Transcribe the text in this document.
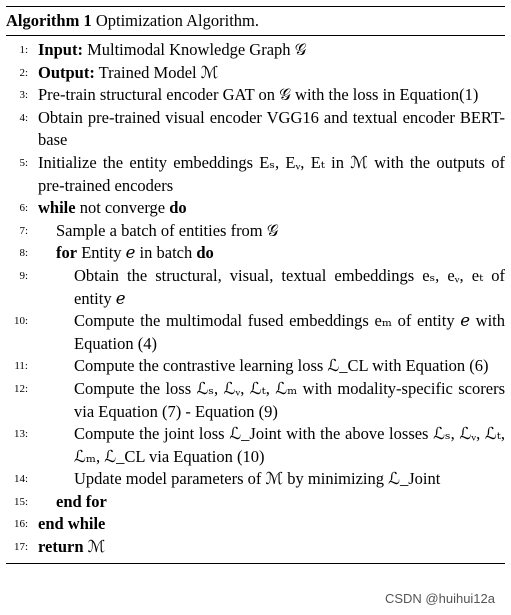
Algorithm 1 Optimization Algorithm.
1: Input: Multimodal Knowledge Graph 𝒢
2: Output: Trained Model ℳ
3: Pre-train structural encoder GAT on 𝒢 with the loss in Equation(1)
4: Obtain pre-trained visual encoder VGG16 and textual encoder BERT-base
5: Initialize the entity embeddings Eₛ, Eᵥ, Eₜ in ℳ with the outputs of pre-trained encoders
6: while not converge do
7: Sample a batch of entities from 𝒢
8: for Entity 𝑒 in batch do
9:	Obtain the structural, visual, textual embeddings eₛ, eᵥ, eₜ of entity 𝑒
10:	Compute the multimodal fused embeddings eₘ of entity 𝑒 with Equation (4)
11:	Compute the contrastive learning loss ℒ_CL with Equation (6)
12:	Compute the loss ℒₛ, ℒᵥ, ℒₜ, ℒₘ with modality-specific scorers via Equation (7) - Equation (9)
13:	Compute the joint loss ℒ_Joint with the above losses ℒₛ, ℒᵥ, ℒₜ, ℒₘ, ℒ_CL via Equation (10)
14:	Update model parameters of ℳ by minimizing ℒ_Joint
15: end for
16: end while
17: return ℳ
CSDN @huihui12a
